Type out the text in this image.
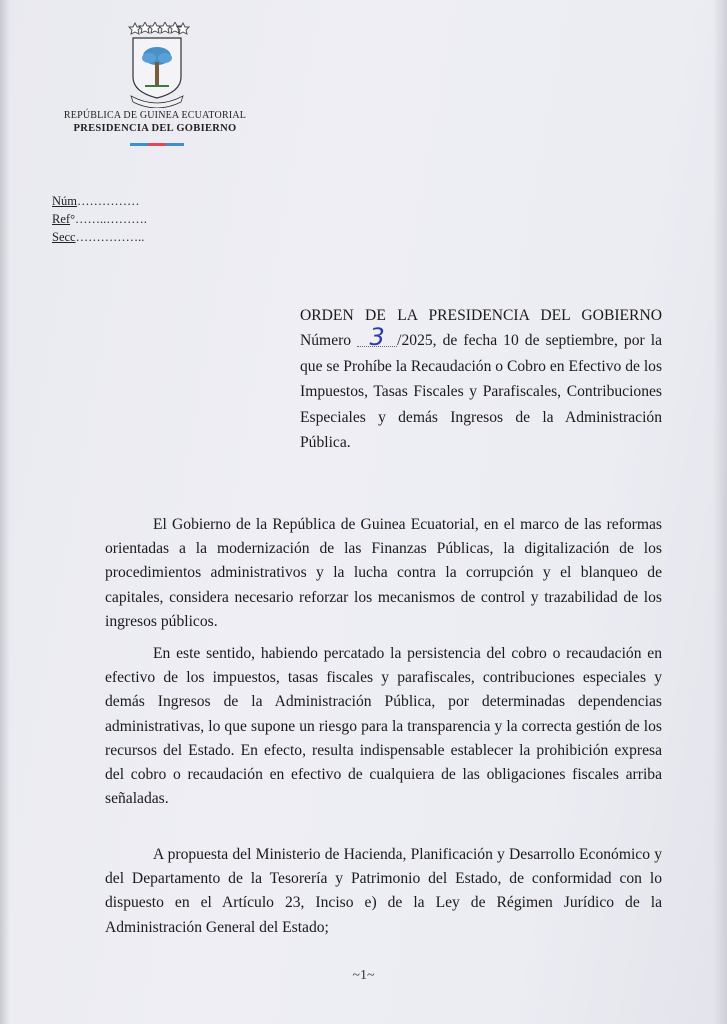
REPÚBLICA DE GUINEA ECUATORIAL
PRESIDENCIA DEL GOBIERNO
Núm……………
Ref°……..……….
Secc……………..
ORDEN DE LA PRESIDENCIA DEL GOBIERNO Número 3 /2025, de fecha 10 de septiembre, por la que se Prohíbe la Recaudación o Cobro en Efectivo de los Impuestos, Tasas Fiscales y Parafiscales, Contribuciones Especiales y demás Ingresos de la Administración Pública.

El Gobierno de la República de Guinea Ecuatorial, en el marco de las reformas orientadas a la modernización de las Finanzas Públicas, la digitalización de los procedimientos administrativos y la lucha contra la corrupción y el blanqueo de capitales, considera necesario reforzar los mecanismos de control y trazabilidad de los ingresos públicos.

En este sentido, habiendo percatado la persistencia del cobro o recaudación en efectivo de los impuestos, tasas fiscales y parafiscales, contribuciones especiales y demás Ingresos de la Administración Pública, por determinadas dependencias administrativas, lo que supone un riesgo para la transparencia y la correcta gestión de los recursos del Estado. En efecto, resulta indispensable establecer la prohibición expresa del cobro o recaudación en efectivo de cualquiera de las obligaciones fiscales arriba señaladas.

A propuesta del Ministerio de Hacienda, Planificación y Desarrollo Económico y del Departamento de la Tesorería y Patrimonio del Estado, de conformidad con lo dispuesto en el Artículo 23, Inciso e) de la Ley de Régimen Jurídico de la Administración General del Estado;

~1~
